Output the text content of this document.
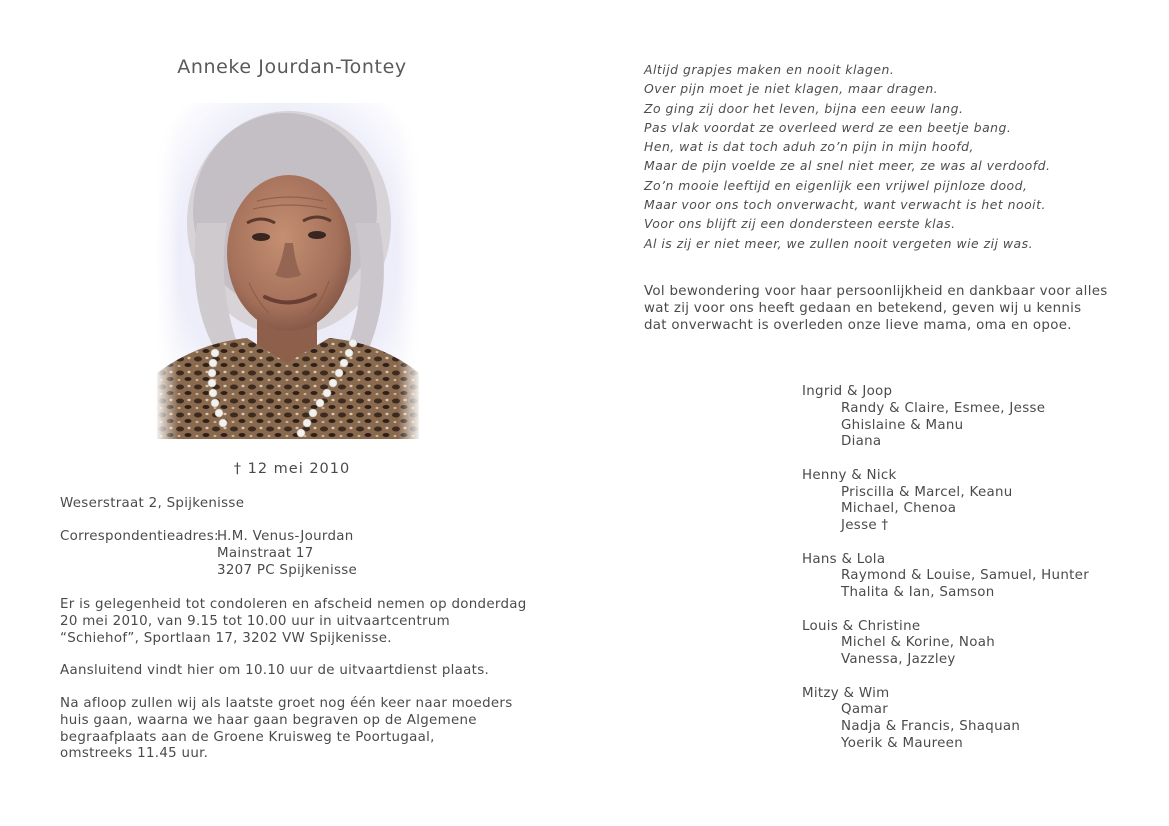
Anneke Jourdan-Tontey
† 12 mei 2010
Weserstraat 2, Spijkenisse
Correspondentieadres:
H.M. Venus-Jourdan
Mainstraat 17
3207 PC Spijkenisse
Er is gelegenheid tot condoleren en afscheid nemen op donderdag
20 mei 2010, van 9.15 tot 10.00 uur in uitvaartcentrum
“Schiehof”, Sportlaan 17, 3202 VW Spijkenisse.
Aansluitend vindt hier om 10.10 uur de uitvaartdienst plaats.
Na afloop zullen wij als laatste groet nog één keer naar moeders
huis gaan, waarna we haar gaan begraven op de Algemene
begraafplaats aan de Groene Kruisweg te Poortugaal,
omstreeks 11.45 uur.
Altijd grapjes maken en nooit klagen.
Over pijn moet je niet klagen, maar dragen.
Zo ging zij door het leven, bijna een eeuw lang.
Pas vlak voordat ze overleed werd ze een beetje bang.
Hen, wat is dat toch aduh zo’n pijn in mijn hoofd,
Maar de pijn voelde ze al snel niet meer, ze was al verdoofd.
Zo’n mooie leeftijd en eigenlijk een vrijwel pijnloze dood,
Maar voor ons toch onverwacht, want verwacht is het nooit.
Voor ons blijft zij een dondersteen eerste klas.
Al is zij er niet meer, we zullen nooit vergeten wie zij was.
Vol bewondering voor haar persoonlijkheid en dankbaar voor alles
wat zij voor ons heeft gedaan en betekend, geven wij u kennis
dat onverwacht is overleden onze lieve mama, oma en opoe.
Ingrid & Joop
Randy & Claire, Esmee, Jesse
Ghislaine & Manu
Diana
Henny & Nick
Priscilla & Marcel, Keanu
Michael, Chenoa
Jesse †
Hans & Lola
Raymond & Louise, Samuel, Hunter
Thalita & Ian, Samson
Louis & Christine
Michel & Korine, Noah
Vanessa, Jazzley
Mitzy & Wim
Qamar
Nadja & Francis, Shaquan
Yoerik & Maureen
